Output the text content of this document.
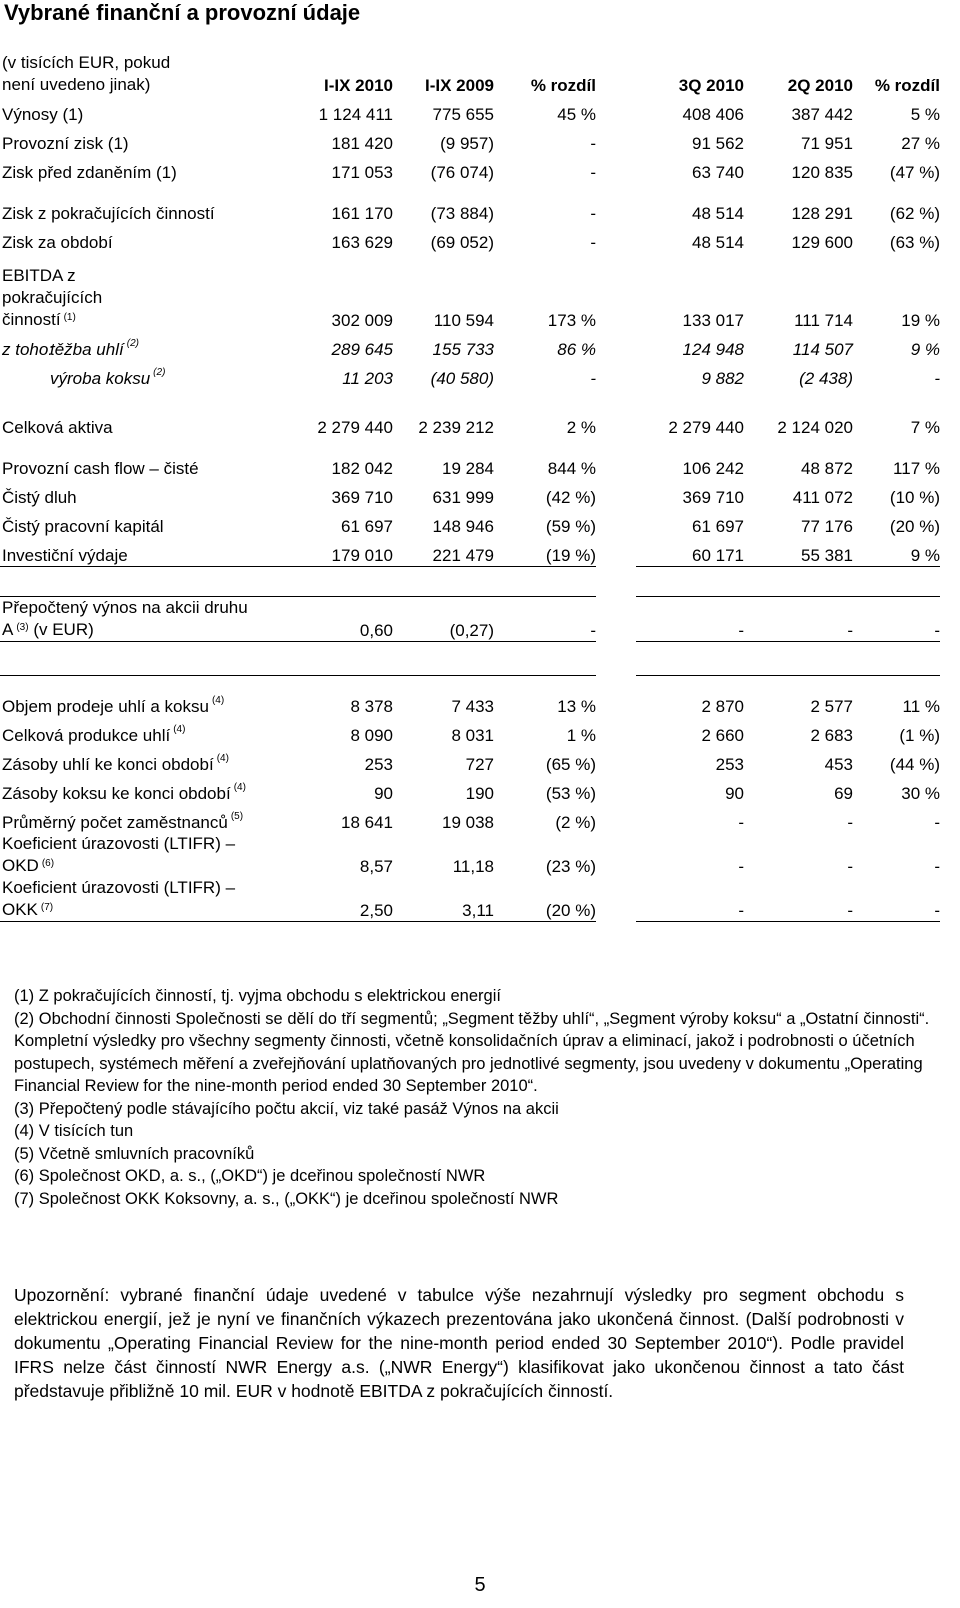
Vybrané finanční a provozní údaje
(v tisících EUR, pokud není uvedeno jinak)	I-IX 2010	I-IX 2009	% rozdíl		3Q 2010	2Q 2010	% rozdíl	
Výnosy (1)	1 124 411	775 655	45 %		408 406	387 442	5 %	
Provozní zisk (1)	181 420	(9 957)	-		91 562	71 951	27 %	
Zisk před zdaněním (1)	171 053	(76 074)	-		63 740	120 835	(47 %)	

Zisk z pokračujících činností	161 170	(73 884)	-		48 514	128 291	(62 %)	
Zisk za období	163 629	(69 052)	-		48 514	129 600	(63 %)	

EBITDA z pokračujících činností $^{(1)}$	302 009	110 594	173 %		133 017	111 714	19 %	
z toho:těžba uhlí $^{(2)}$	289 645	155 733	86 %		124 948	114 507	9 %	
výroba koksu $^{(2)}$	11 203	(40 580)	-		9 882	(2 438)	-	

Celková aktiva	2 279 440	2 239 212	2 %		2 279 440	2 124 020	7 %	

Provozní cash flow – čisté	182 042	19 284	844 %		106 242	48 872	117 %	
Čistý dluh	369 710	631 999	(42 %)		369 710	411 072	(10 %)	
Čistý pracovní kapitál	61 697	148 946	(59 %)		61 697	77 176	(20 %)	
Investiční výdaje	179 010	221 479	(19 %)		60 171	55 381	9 %	

Přepočtený výnos na akcii druhu
A $^{(3)}$ (v EUR)	0,60	(0,27)	-		-	-	-	

Objem prodeje uhlí a koksu $^{(4)}$	8 378	7 433	13 %		2 870	2 577	11 %	
Celková produkce uhlí $^{(4)}$	8 090	8 031	1 %		2 660	2 683	(1 %)	
Zásoby uhlí ke konci období $^{(4)}$	253	727	(65 %)		253	453	(44 %)	
Zásoby koksu ke konci období $^{(4)}$	90	190	(53 %)		90	69	30 %	
Průměrný počet zaměstnanců $^{(5)}$	18 641	19 038	(2 %)		-	-	-	
Koeficient úrazovosti (LTIFR) –
OKD $^{(6)}$	8,57	11,18	(23 %)		-	-	-	
Koeficient úrazovosti (LTIFR) –
OKK $^{(7)}$	2,50	3,11	(20 %)		-	-	-	
(1) Z pokračujících činností, tj. vyjma obchodu s elektrickou energií
(2) Obchodní činnosti Společnosti se dělí do tří segmentů; „Segment těžby uhlí“, „Segment výroby koksu“ a „Ostatní činnosti“. Kompletní výsledky pro všechny segmenty činnosti, včetně konsolidačních úprav a eliminací, jakož i podrobnosti o účetních postupech, systémech měření a zveřejňování uplatňovaných pro jednotlivé segmenty, jsou uvedeny v dokumentu „Operating Financial Review for the nine-month period ended 30 September 2010“.
(3) Přepočtený podle stávajícího počtu akcií, viz také pasáž Výnos na akcii
(4) V tisících tun
(5) Včetně smluvních pracovníků
(6) Společnost OKD, a. s., („OKD“) je dceřinou společností NWR
(7) Společnost OKK Koksovny, a. s., („OKK“) je dceřinou společností NWR
Upozornění: vybrané finanční údaje uvedené v tabulce výše nezahrnují výsledky pro segment obchodu s elektrickou energií, jež je nyní ve finančních výkazech prezentována jako ukončená činnost. (Další podrobnosti v dokumentu „Operating Financial Review for the nine-month period ended 30 September 2010“). Podle pravidel IFRS nelze část činností NWR Energy a.s. („NWR Energy“) klasifikovat jako ukončenou činnost a tato část představuje přibližně 10 mil. EUR v hodnotě EBITDA z pokračujících činností.
5
